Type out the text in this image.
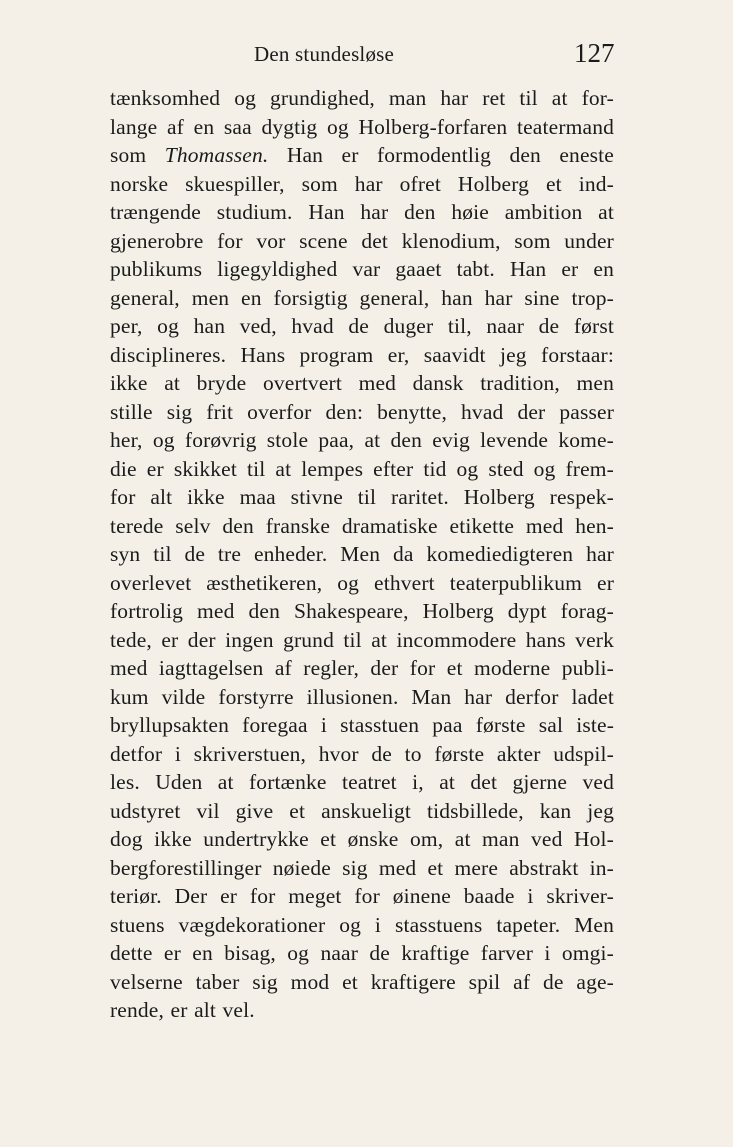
Den stundesløse	127
tænksomhed og grundighed, man har ret til at for-
lange af en saa dygtig og Holberg-forfaren teatermand
som Thomassen. Han er formodentlig den eneste
norske skuespiller, som har ofret Holberg et ind-
trængende studium. Han har den høie ambition at
gjenerobre for vor scene det klenodium, som under
publikums ligegyldighed var gaaet tabt. Han er en
general, men en forsigtig general, han har sine trop-
per, og han ved, hvad de duger til, naar de først
disciplineres. Hans program er, saavidt jeg forstaar:
ikke at bryde overtvert med dansk tradition, men
stille sig frit overfor den: benytte, hvad der passer
her, og forøvrig stole paa, at den evig levende kome-
die er skikket til at lempes efter tid og sted og frem-
for alt ikke maa stivne til raritet. Holberg respek-
terede selv den franske dramatiske etikette med hen-
syn til de tre enheder. Men da komediedigteren har
overlevet æsthetikeren, og ethvert teaterpublikum er
fortrolig med den Shakespeare, Holberg dypt forag-
tede, er der ingen grund til at incommodere hans verk
med iagttagelsen af regler, der for et moderne publi-
kum vilde forstyrre illusionen. Man har derfor ladet
bryllupsakten foregaa i stasstuen paa første sal iste-
detfor i skriverstuen, hvor de to første akter udspil-
les. Uden at fortænke teatret i, at det gjerne ved
udstyret vil give et anskueligt tidsbillede, kan jeg
dog ikke undertrykke et ønske om, at man ved Hol-
bergforestillinger nøiede sig med et mere abstrakt in-
teriør. Der er for meget for øinene baade i skriver-
stuens vægdekorationer og i stasstuens tapeter. Men
dette er en bisag, og naar de kraftige farver i omgi-
velserne taber sig mod et kraftigere spil af de age-
rende, er alt vel.
